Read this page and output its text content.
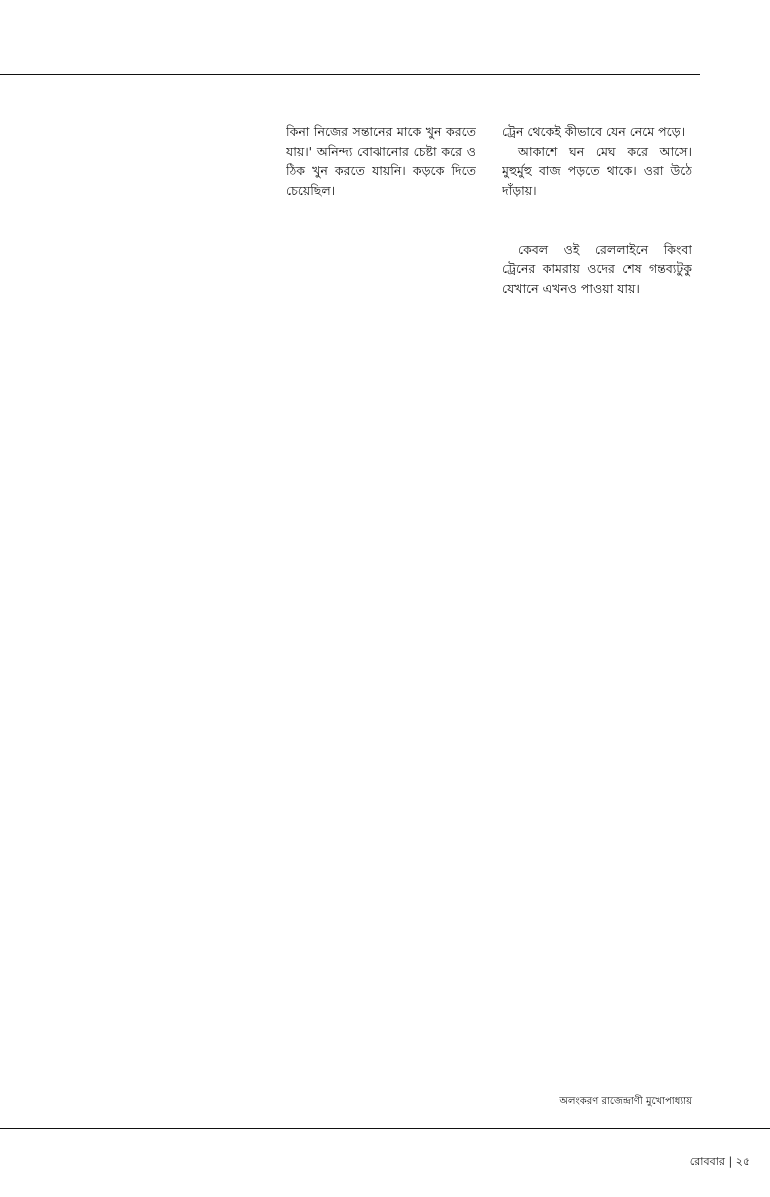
কিনা নিজের সন্তানের মাকে খুন করতে যায়।' অনিন্দ্য বোঝানোর চেষ্টা করে ও ঠিক খুন করতে যায়নি। কড়কে দিতে চেয়েছিল।

ট্রেন থেকেই কীভাবে যেন নেমে পড়ে।

আকাশে ঘন মেঘ করে আসে। মুহুর্মুহু বাজ পড়তে থাকে। ওরা উঠে দাঁড়ায়।

কেবল ওই রেললাইনে কিংবা ট্রেনের কামরায় ওদের শেষ গন্তব্যটুকু যেখানে এখনও পাওয়া যায়।

অলংকরণ রাজেন্দ্রাণী মুখোপাধ্যায়
রোববার | ২৫
